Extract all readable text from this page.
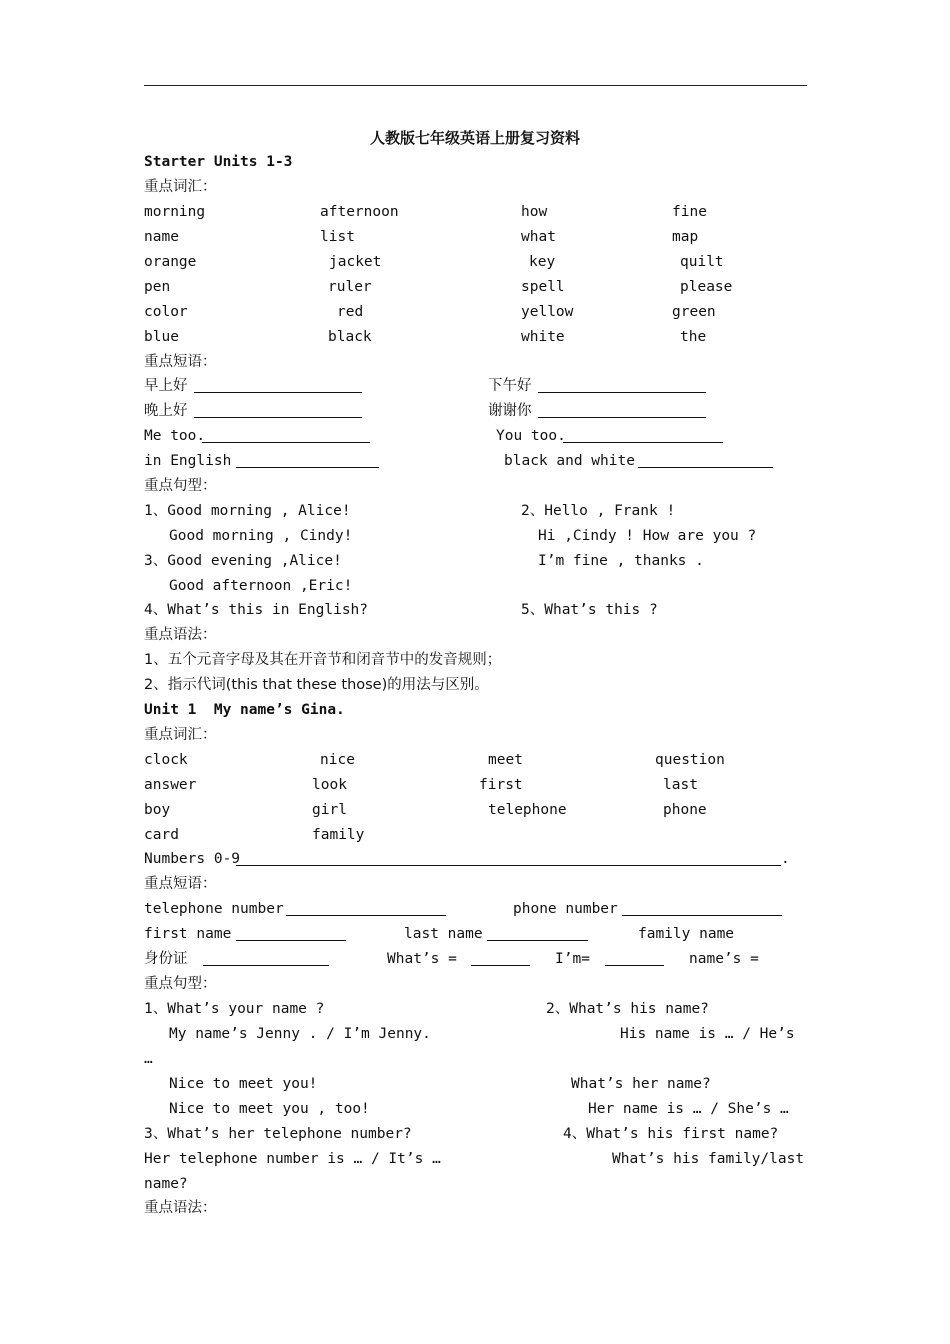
人教版七年级英语上册复习资料
Starter Units 1-3
重点词汇：
morning	afternoon	how	fine
name	list	what	map
orange	jacket	key	quilt
pen	ruler	spell	please
color	red	yellow	green
blue	black	white	the
重点短语：
早上好	下午好
晚上好	谢谢你
Me too.	You too.
in English	black and white
重点句型：
1、Good morning , Alice!	2、Hello , Frank !
Good morning , Cindy!	Hi ,Cindy ! How are you ?
3、Good evening ,Alice!	I’m fine , thanks .
Good afternoon ,Eric!
4、What’s this in English?	5、What’s this ?
重点语法：
1、五个元音字母及其在开音节和闭音节中的发音规则；
2、指示代词(this that these those)的用法与区别。
Unit 1  My name’s Gina.
重点词汇：
clock	nice	meet	question
answer	look	first	last
boy	girl	telephone	phone
card	family
Numbers 0-9	.
重点短语：
telephone number	phone number
first name	last name	family name
身份证	What’s =	I’m=	name’s =
重点句型：
1、What’s your name ?	2、What’s his name?
My name’s Jenny . / I’m Jenny.	His name is … / He’s
…
Nice to meet you!	What’s her name?
Nice to meet you , too!	Her name is … / She’s …
3、What’s her telephone number?	4、What’s his first name?
Her telephone number is … / It’s …	What’s his family/last
name?
重点语法：
